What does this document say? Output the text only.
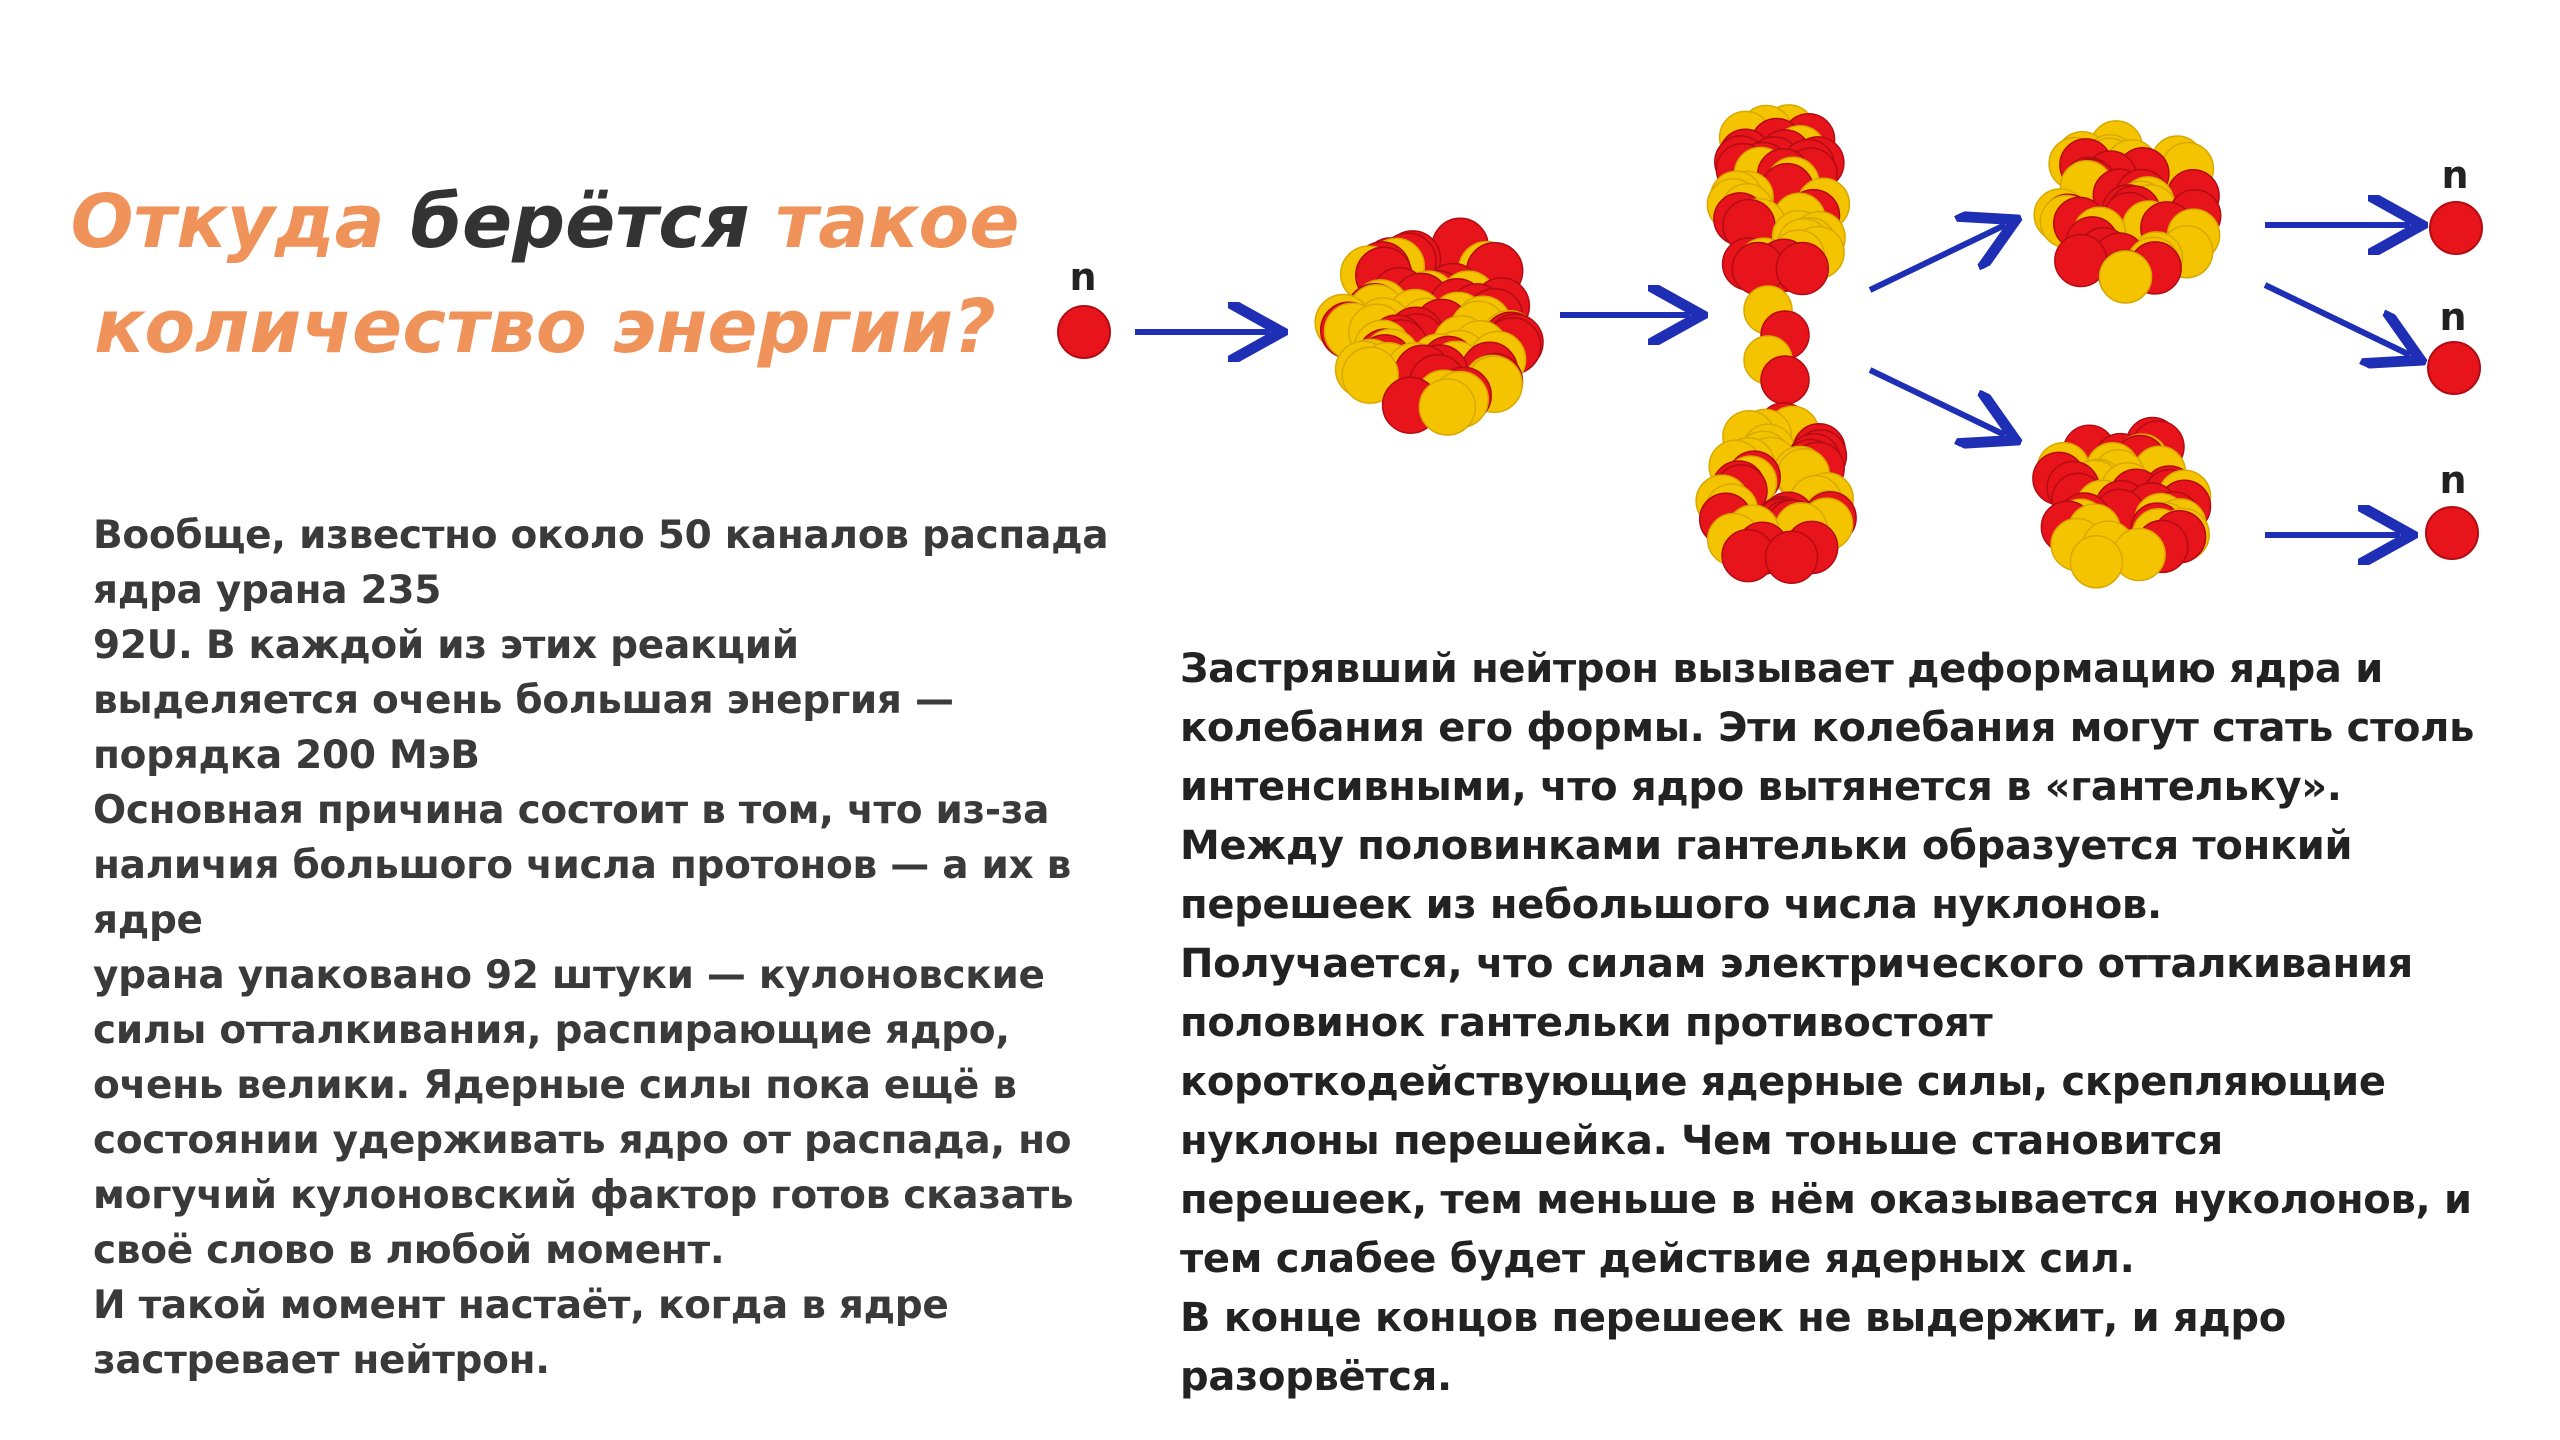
Откуда берётся такое
количество энергии?

Вообще, известно около 50 каналов распада

ядра урана 235

92U. В каждой из этих реакций

выделяется очень большая энергия —

порядка 200 МэВ

Основная причина состоит в том, что из-за

наличия большого числа протонов — а их в

ядре

урана упаковано 92 штуки — кулоновские

силы отталкивания, распирающие ядро,

очень велики. Ядерные силы пока ещё в

состоянии удерживать ядро от распада, но

могучий кулоновский фактор готов сказать

своё слово в любой момент.

И такой момент настаёт, когда в ядре

застревает нейтрон.

Застрявший нейтрон вызывает деформацию ядра и

колебания его формы. Эти колебания могут стать столь

интенсивными, что ядро вытянется в «гантельку».

Между половинками гантельки образуется тонкий

перешеек из небольшого числа нуклонов.

Получается, что силам электрического отталкивания

половинок гантельки противостоят

короткодействующие ядерные силы, скрепляющие

нуклоны перешейка. Чем тоньше становится

перешеек, тем меньше в нём оказывается нуколонов, и

тем слабее будет действие ядерных сил.

В конце концов перешеек не выдержит, и ядро

разорвётся.

n
n
n
n
